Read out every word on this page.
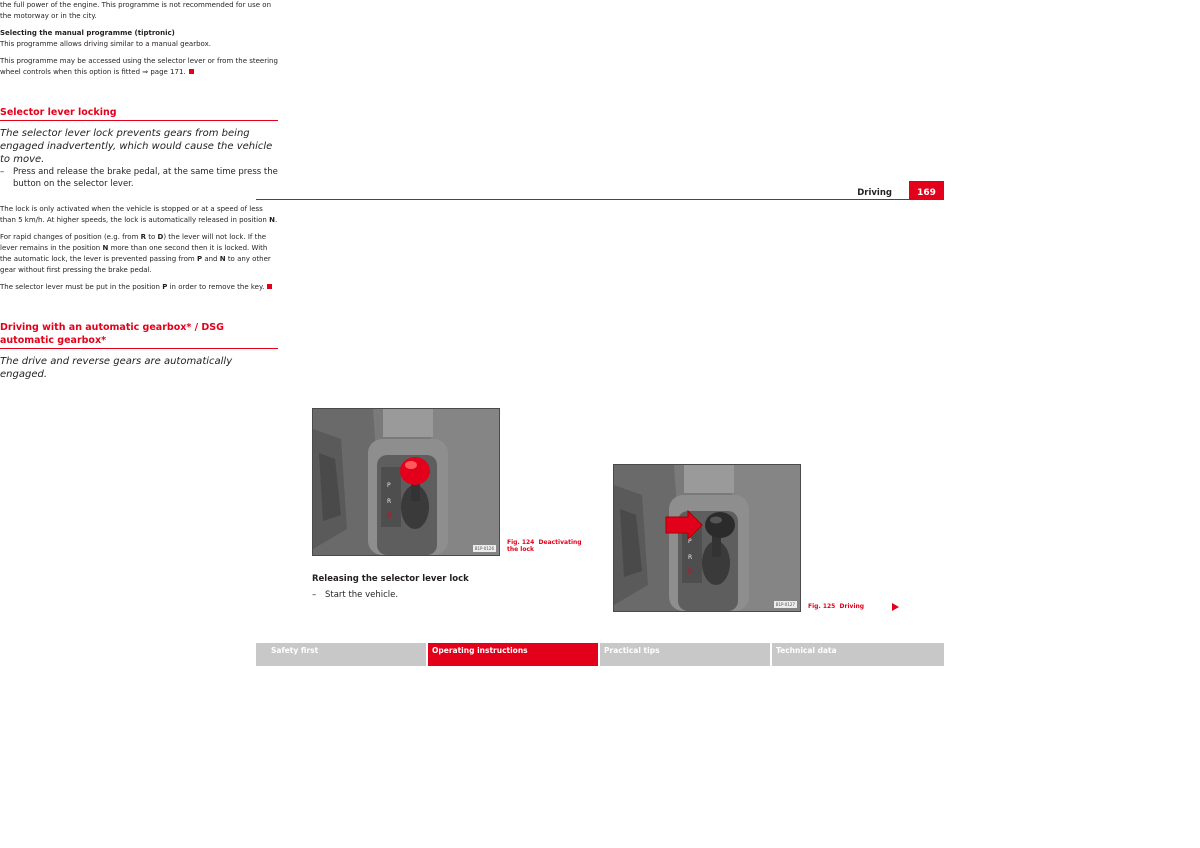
Driving	169

the full power of the engine. This programme is not recommended for use on the motorway or in the city.

Selecting the manual programme (tiptronic)

This programme allows driving similar to a manual gearbox.

This programme may be accessed using the selector lever or from the steering wheel controls when this option is fitted ⇒ page 171.

Selector lever locking

The selector lever lock prevents gears from being engaged inadvertently, which would cause the vehicle to move.

P
R
D
B1P-0126
Fig. 124 Deactivating the lock

Releasing the selector lever lock

– Start the vehicle.

– Press and release the brake pedal, at the same time press the button on the selector lever.

The lock is only activated when the vehicle is stopped or at a speed of less than 5 km/h. At higher speeds, the lock is automatically released in position N.

For rapid changes of position (e.g. from R to D) the lever will not lock. If the lever remains in the position N more than one second then it is locked. With the automatic lock, the lever is prevented passing from P and N to any other gear without first pressing the brake pedal.

The selector lever must be put in the position P in order to remove the key.

Driving with an automatic gearbox* / DSG automatic gearbox*

The drive and reverse gears are automatically engaged.

P
R
D
B1P-0127	Fig. 125 Driving
Safety first	Operating instructions	Practical tips	Technical data
